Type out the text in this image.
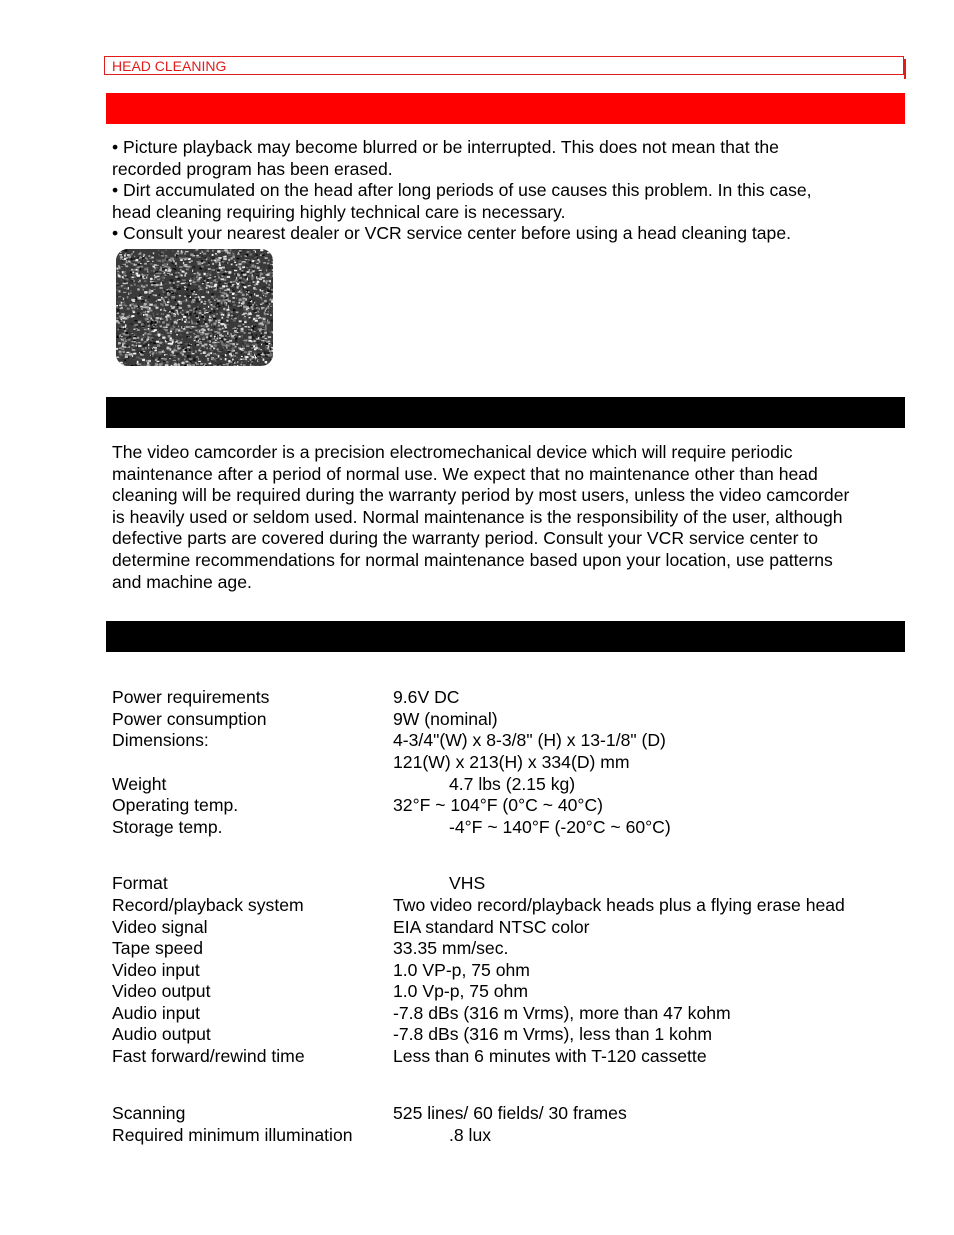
HEAD CLEANING
• Picture playback may become blurred or be interrupted. This does not mean that the
recorded program has been erased.
• Dirt accumulated on the head after long periods of use causes this problem. In this case,
head cleaning requiring highly technical care is necessary.
• Consult your nearest dealer or VCR service center before using a head cleaning tape.
The video camcorder is a precision electromechanical device which will require periodic
maintenance after a period of normal use. We expect that no maintenance other than head
cleaning will be required during the warranty period by most users, unless the video camcorder
is heavily used or seldom used. Normal maintenance is the responsibility of the user, although
defective parts are covered during the warranty period. Consult your VCR service center to
determine recommendations for normal maintenance based upon your location, use patterns
and machine age.
Power requirements	9.6V DC
Power consumption	9W (nominal)
Dimensions:	4-3/4"(W) x 8-3/8" (H) x 13-1/8" (D)
121(W) x 213(H) x 334(D) mm
Weight	4.7 lbs (2.15 kg)
Operating temp.	32°F ~ 104°F (0°C ~ 40°C)
Storage temp.	-4°F ~ 140°F (-20°C ~ 60°C)
Format	VHS
Record/playback system	Two video record/playback heads plus a flying erase head
Video signal	EIA standard NTSC color
Tape speed	33.35 mm/sec.
Video input	1.0 VP-p, 75 ohm
Video output	1.0 Vp-p, 75 ohm
Audio input	-7.8 dBs (316 m Vrms), more than 47 kohm
Audio output	-7.8 dBs (316 m Vrms), less than 1 kohm
Fast forward/rewind time	Less than 6 minutes with T-120 cassette
Scanning	525 lines/ 60 fields/ 30 frames
Required minimum illumination	.8 lux
